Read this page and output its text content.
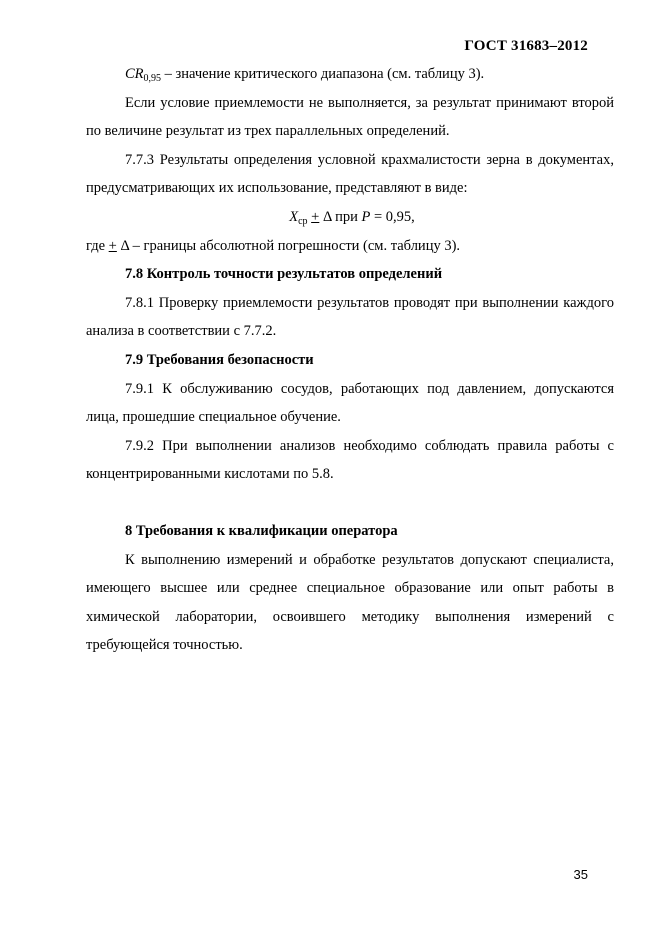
ГОСТ 31683–2012

$CR_{0,95}$ – значение критического диапазона (см. таблицу 3).

Если условие приемлемости не выполняется, за результат принимают второй по величине результат из трех параллельных определений.

7.7.3 Результаты определения условной крахмалистости зерна в документах, предусматривающих их использование, представляют в виде:

$X_{ср} + \Delta$ при P = 0,95,

где + Δ – границы абсолютной погрешности (см. таблицу 3).

7.8 Контроль точности результатов определений

7.8.1 Проверку приемлемости результатов проводят при выполнении каждого анализа в соответствии с 7.7.2.

7.9 Требования безопасности

7.9.1 К обслуживанию сосудов, работающих под давлением, допускаются лица, прошедшие специальное обучение.

7.9.2 При выполнении анализов необходимо соблюдать правила работы с концентрированными кислотами по 5.8.

8 Требования к квалификации оператора

К выполнению измерений и обработке результатов допускают специалиста, имеющего высшее или среднее специальное образование или опыт работы в химической лаборатории, освоившего методику выполнения измерений с требующейся точностью.

35
